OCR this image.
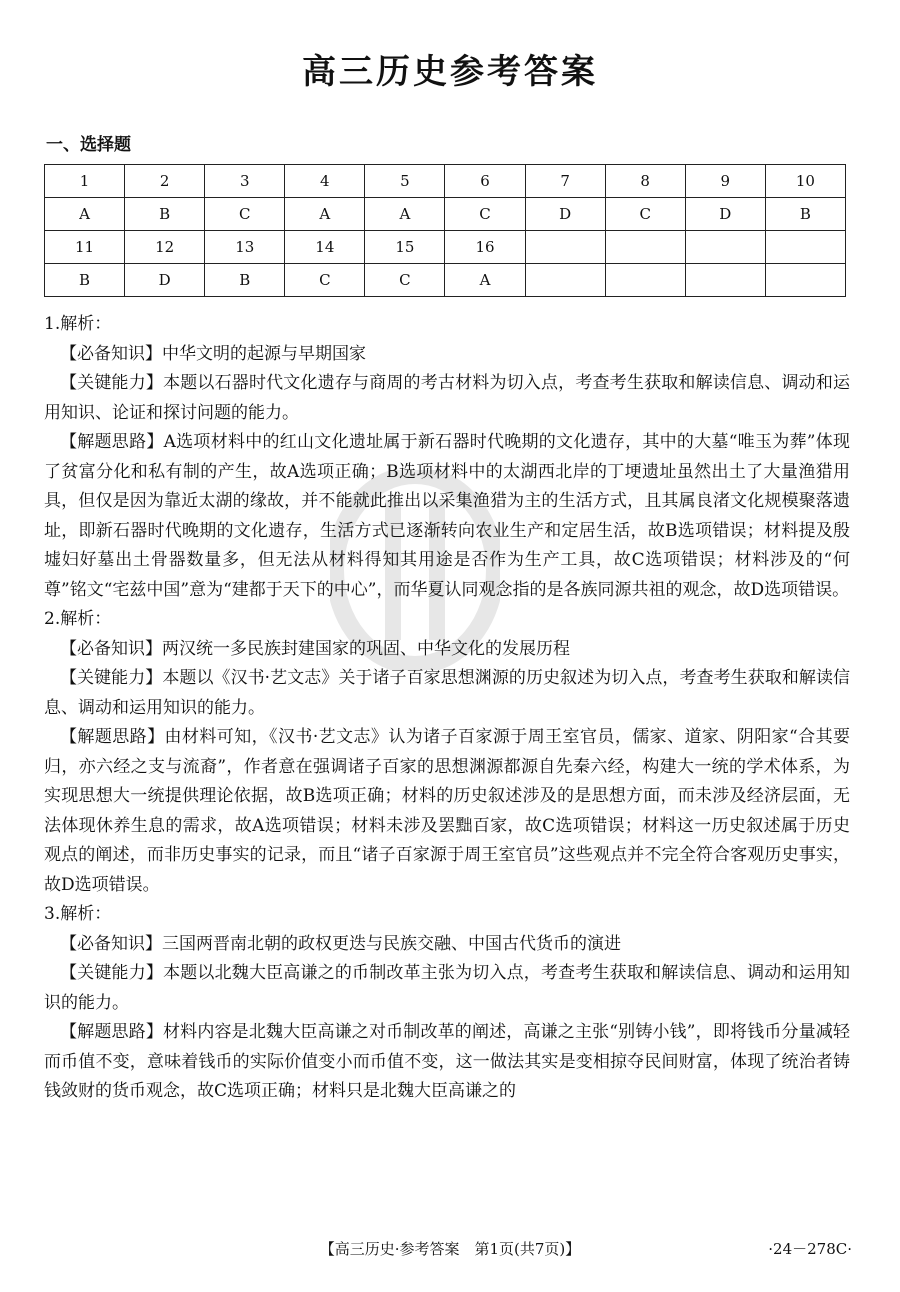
高三历史参考答案
一、选择题
1	2	3	4	5	6	7	8	9	10
A	B	C	A	A	C	D	C	D	B
11	12	13	14	15	16				
B	D	B	C	C	A				

1.解析：

【必备知识】中华文明的起源与早期国家

【关键能力】本题以石器时代文化遗存与商周的考古材料为切入点，考查考生获取和解读信息、调动和运用知识、论证和探讨问题的能力。

【解题思路】A选项材料中的红山文化遗址属于新石器时代晚期的文化遗存，其中的大墓“唯玉为葬”体现了贫富分化和私有制的产生，故A选项正确；B选项材料中的太湖西北岸的丁埂遗址虽然出土了大量渔猎用具，但仅是因为靠近太湖的缘故，并不能就此推出以采集渔猎为主的生活方式，且其属良渚文化规模聚落遗址，即新石器时代晚期的文化遗存，生活方式已逐渐转向农业生产和定居生活，故B选项错误；材料提及殷墟妇好墓出土骨器数量多，但无法从材料得知其用途是否作为生产工具，故C选项错误；材料涉及的“何尊”铭文“宅兹中国”意为“建都于天下的中心”，而华夏认同观念指的是各族同源共祖的观念，故D选项错误。

2.解析：

【必备知识】两汉统一多民族封建国家的巩固、中华文化的发展历程

【关键能力】本题以《汉书·艺文志》关于诸子百家思想渊源的历史叙述为切入点，考查考生获取和解读信息、调动和运用知识的能力。

【解题思路】由材料可知，《汉书·艺文志》认为诸子百家源于周王室官员，儒家、道家、阴阳家“合其要归，亦六经之支与流裔”，作者意在强调诸子百家的思想渊源都源自先秦六经，构建大一统的学术体系，为实现思想大一统提供理论依据，故B选项正确；材料的历史叙述涉及的是思想方面，而未涉及经济层面，无法体现休养生息的需求，故A选项错误；材料未涉及罢黜百家，故C选项错误；材料这一历史叙述属于历史观点的阐述，而非历史事实的记录，而且“诸子百家源于周王室官员”这些观点并不完全符合客观历史事实，故D选项错误。

3.解析：

【必备知识】三国两晋南北朝的政权更迭与民族交融、中国古代货币的演进

【关键能力】本题以北魏大臣高谦之的币制改革主张为切入点，考查考生获取和解读信息、调动和运用知识的能力。

【解题思路】材料内容是北魏大臣高谦之对币制改革的阐述，高谦之主张“别铸小钱”，即将钱币分量减轻而币值不变，意味着钱币的实际价值变小而币值不变，这一做法其实是变相掠夺民间财富，体现了统治者铸钱敛财的货币观念，故C选项正确；材料只是北魏大臣高谦之的

【高三历史·参考答案　第1页(共7页)】	·24－278C·
